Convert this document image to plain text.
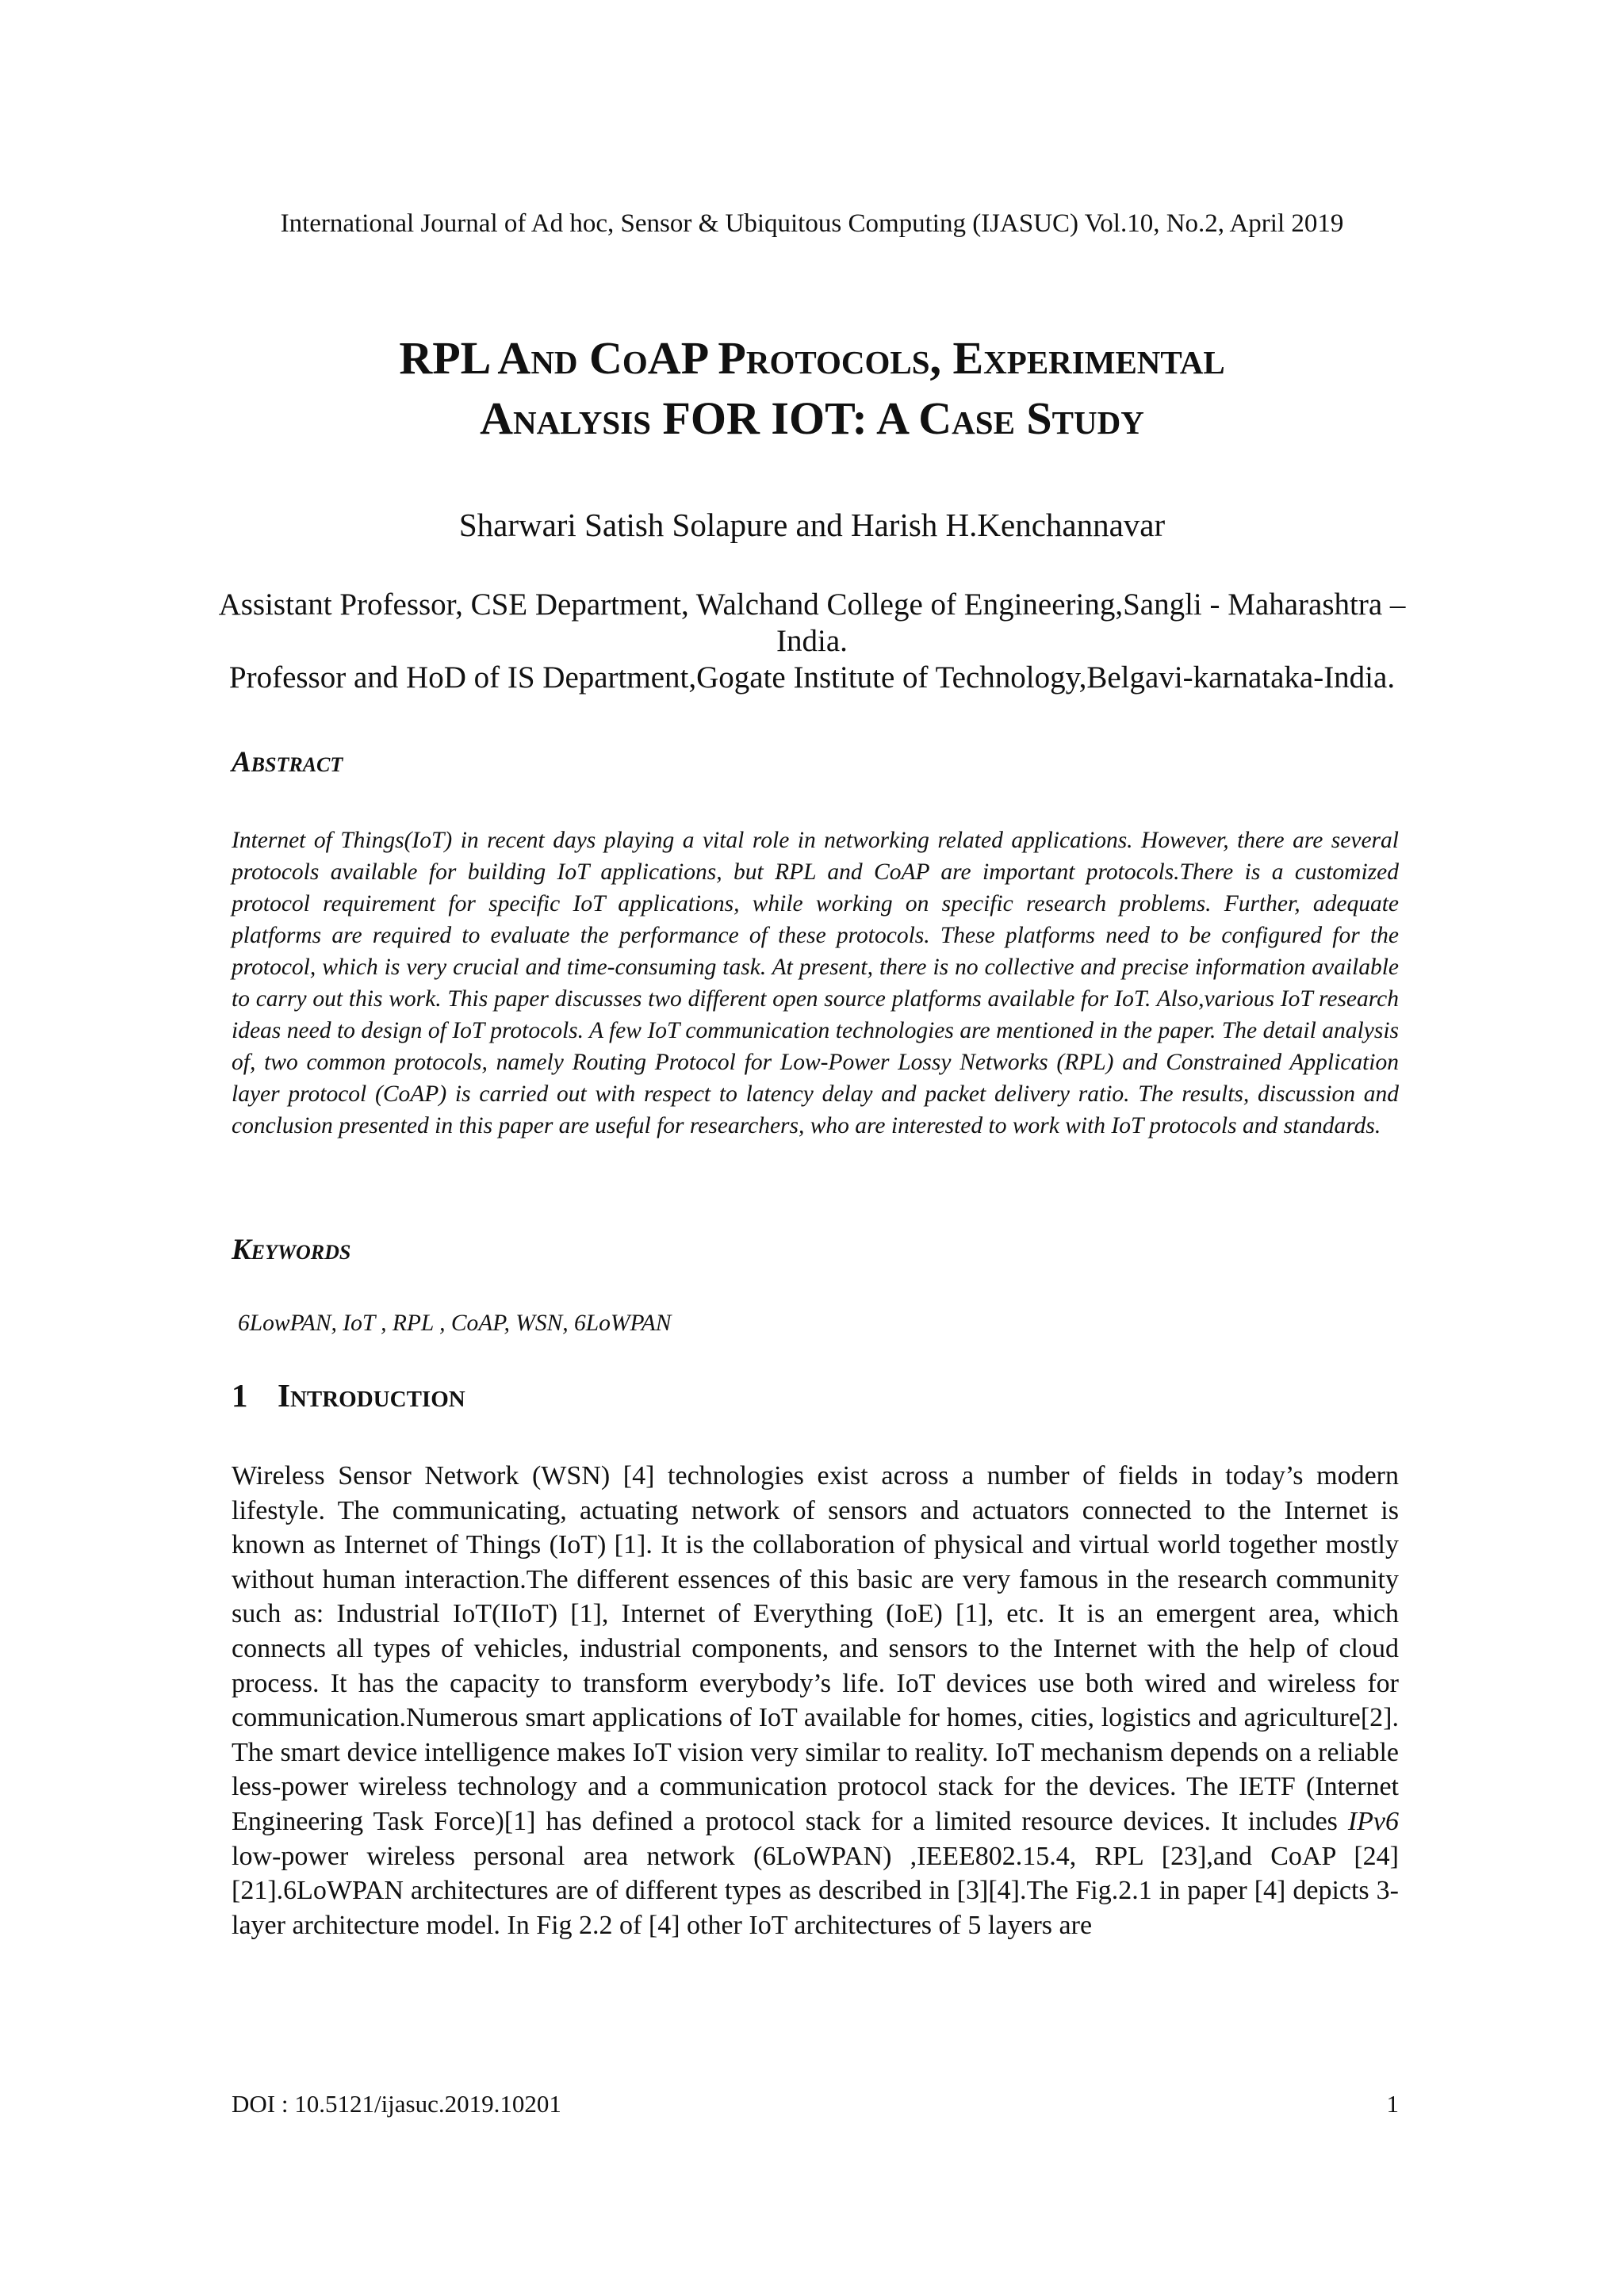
International Journal of Ad hoc, Sensor & Ubiquitous Computing (IJASUC) Vol.10, No.2, April 2019
RPL And CoAP Protocols, Experimental
Analysis FOR IOT: A Case Study
Sharwari Satish Solapure and Harish H.Kenchannavar

Assistant Professor, CSE Department, Walchand College of Engineering,Sangli - Maharashtra –India.

Professor and HoD of IS Department,Gogate Institute of Technology,Belgavi-karnataka-India.

Abstract

Internet of Things(IoT) in recent days playing a vital role in networking related applications. However, there are several protocols available for building IoT applications, but RPL and CoAP are important protocols.There is a customized protocol requirement for specific IoT applications, while working on specific research problems. Further, adequate platforms are required to evaluate the performance of these protocols. These platforms need to be configured for the protocol, which is very crucial and time-consuming task. At present, there is no collective and precise information available to carry out this work. This paper discusses two different open source platforms available for IoT. Also,various IoT research ideas need to design of IoT protocols. A few IoT communication technologies are mentioned in the paper. The detail analysis of, two common protocols, namely Routing Protocol for Low-Power Lossy Networks (RPL) and Constrained Application layer protocol (CoAP) is carried out with respect to latency delay and packet delivery ratio. The results, discussion and conclusion presented in this paper are useful for researchers, who are interested to work with IoT protocols and standards.

Keywords

6LowPAN, IoT , RPL , CoAP, WSN, 6LoWPAN

1 Introduction

Wireless Sensor Network (WSN) [4] technologies exist across a number of fields in today’s modern lifestyle. The communicating, actuating network of sensors and actuators connected to the Internet is known as Internet of Things (IoT) [1]. It is the collaboration of physical and virtual world together mostly without human interaction.The different essences of this basic are very famous in the research community such as: Industrial IoT(IIoT) [1], Internet of Everything (IoE) [1], etc. It is an emergent area, which connects all types of vehicles, industrial components, and sensors to the Internet with the help of cloud process. It has the capacity to transform everybody’s life. IoT devices use both wired and wireless for communication.Numerous smart applications of IoT available for homes, cities, logistics and agriculture[2]. The smart device intelligence makes IoT vision very similar to reality. IoT mechanism depends on a reliable less-power wireless technology and a communication protocol stack for the devices. The IETF (Internet Engineering Task Force)[1] has defined a protocol stack for a limited resource devices. It includes IPv6 low-power wireless personal area network (6LoWPAN) ,IEEE802.15.4, RPL [23],and CoAP [24][21].6LoWPAN architectures are of different types as described in [3][4].The Fig.2.1 in paper [4] depicts 3-layer architecture model. In Fig 2.2 of [4] other IoT architectures of 5 layers are

DOI : 10.5121/ijasuc.2019.10201	1
